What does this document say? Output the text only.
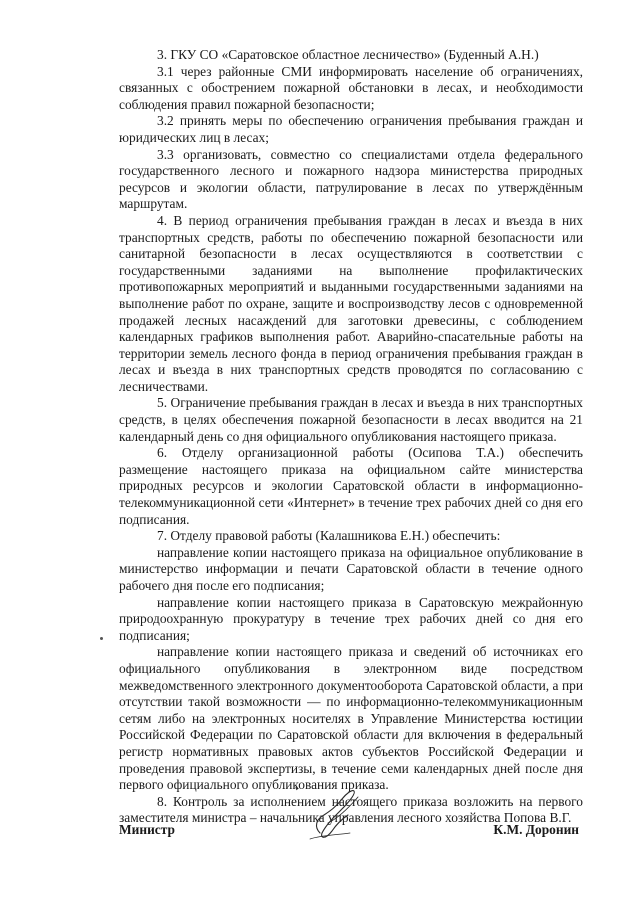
3. ГКУ СО «Саратовское областное лесничество» (Буденный А.Н.)

3.1 через районные СМИ информировать население об ограничениях, связанных с обострением пожарной обстановки в лесах, и необходимости соблюдения правил пожарной безопасности;

3.2 принять меры по обеспечению ограничения пребывания граждан и юридических лиц в лесах;

3.3 организовать, совместно со специалистами отдела федерального государственного лесного и пожарного надзора министерства природных ресурсов и экологии области, патрулирование в лесах по утверждённым маршрутам.

4. В период ограничения пребывания граждан в лесах и въезда в них транспортных средств, работы по обеспечению пожарной безопасности или санитарной безопасности в лесах осуществляются в соответствии с государственными заданиями на выполнение профилактических противопожарных мероприятий и выданными государственными заданиями на выполнение работ по охране, защите и воспроизводству лесов с одновременной продажей лесных насаждений для заготовки древесины, с соблюдением календарных графиков выполнения работ. Аварийно-спасательные работы на территории земель лесного фонда в период ограничения пребывания граждан в лесах и въезда в них транспортных средств проводятся по согласованию с лесничествами.

5. Ограничение пребывания граждан в лесах и въезда в них транспортных средств, в целях обеспечения пожарной безопасности в лесах вводится на 21 календарный день со дня официального опубликования настоящего приказа.

6. Отделу организационной работы (Осипова Т.А.) обеспечить размещение настоящего приказа на официальном сайте министерства природных ресурсов и экологии Саратовской области в информационно-телекоммуникационной сети «Интернет» в течение трех рабочих дней со дня его подписания.

7. Отделу правовой работы (Калашникова Е.Н.) обеспечить:

направление копии настоящего приказа на официальное опубликование в министерство информации и печати Саратовской области в течение одного рабочего дня после его подписания;

направление копии настоящего приказа в Саратовскую межрайонную природоохранную прокуратуру в течение трех рабочих дней со дня его подписания;

направление копии настоящего приказа и сведений об источниках его официального опубликования в электронном виде посредством межведомственного электронного документооборота Саратовской области, а при отсутствии такой возможности — по информационно-телекоммуникационным сетям либо на электронных носителях в Управление Министерства юстиции Российской Федерации по Саратовской области для включения в федеральный регистр нормативных правовых актов субъектов Российской Федерации и проведения правовой экспертизы, в течение семи календарных дней после дня первого официального опубликования приказа.

8. Контроль за исполнением настоящего приказа возложить на первого заместителя министра – начальника управления лесного хозяйства Попова В.Г.

Министр	К.М. Доронин
